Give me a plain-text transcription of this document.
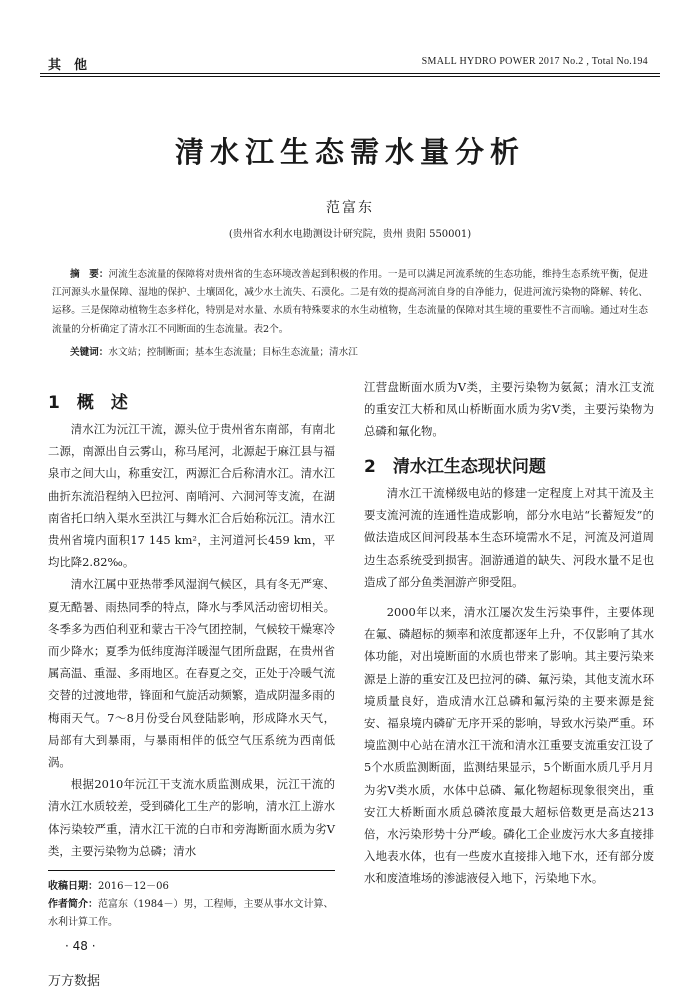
其　他	SMALL HYDRO POWER 2017 No.2 , Total No.194
清水江生态需水量分析
范富东
(贵州省水利水电勘测设计研究院，贵州 贵阳 550001)
摘　要：河流生态流量的保障将对贵州省的生态环境改善起到积极的作用。一是可以满足河流系统的生态功能，维持生态系统平衡，促进江河源头水量保障、湿地的保护、土壤固化，减少水土流失、石漠化。二是有效的提高河流自身的自净能力，促进河流污染物的降解、转化、运移。三是保障动植物生态多样化，特别是对水量、水质有特殊要求的水生动植物，生态流量的保障对其生境的重要性不言而喻。通过对生态流量的分析确定了清水江不同断面的生态流量。表2个。
关键词：水文站；控制断面；基本生态流量；目标生态流量；清水江
1　概　述

清水江为沅江干流，源头位于贵州省东南部，有南北二源，南源出自云雾山，称马尾河，北源起于麻江县与福泉市之间大山，称重安江，两源汇合后称清水江。清水江曲折东流沿程纳入巴拉河、南哨河、六洞河等支流，在湖南省托口纳入渠水至洪江与舞水汇合后始称沅江。清水江贵州省境内面积17 145 km²，主河道河长459 km，平均比降2.82‰。

清水江属中亚热带季风湿润气候区，具有冬无严寒、夏无酷暑、雨热同季的特点，降水与季风活动密切相关。冬季多为西伯利亚和蒙古干冷气团控制，气候较干燥寒冷而少降水；夏季为低纬度海洋暖湿气团所盘踞，在贵州省属高温、重湿、多雨地区。在春夏之交，正处于冷暖气流交替的过渡地带，锋面和气旋活动频繁，造成阴湿多雨的梅雨天气。7～8月份受台风登陆影响，形成降水天气，局部有大到暴雨，与暴雨相伴的低空气压系统为西南低涡。

根据2010年沅江干支流水质监测成果，沅江干流的清水江水质较差，受到磷化工生产的影响，清水江上游水体污染较严重，清水江干流的白市和旁海断面水质为劣Ⅴ类，主要污染物为总磷；清水

收稿日期：2016－12－06
作者简介：范富东（1984－）男，工程师，主要从事水文计算、水利计算工作。
· 48 ·
万方数据

江营盘断面水质为Ⅴ类，主要污染物为氨氮；清水江支流的重安江大桥和凤山桥断面水质为劣Ⅴ类，主要污染物为总磷和氟化物。

2　清水江生态现状问题

清水江干流梯级电站的修建一定程度上对其干流及主要支流河流的连通性造成影响，部分水电站“长蓄短发”的做法造成区间河段基本生态环境需水不足，河流及河道周边生态系统受到损害。洄游通道的缺失、河段水量不足也造成了部分鱼类洄游产卵受阻。

2000年以来，清水江屡次发生污染事件，主要体现在氟、磷超标的频率和浓度都逐年上升，不仅影响了其水体功能，对出境断面的水质也带来了影响。其主要污染来源是上游的重安江及巴拉河的磷、氟污染，其他支流水环境质量良好，造成清水江总磷和氟污染的主要来源是瓮安、福泉境内磷矿无序开采的影响，导致水污染严重。环境监测中心站在清水江干流和清水江重要支流重安江设了5个水质监测断面，监测结果显示，5个断面水质几乎月月为劣Ⅴ类水质，水体中总磷、氟化物超标现象很突出，重安江大桥断面水质总磷浓度最大超标倍数更是高达213倍，水污染形势十分严峻。磷化工企业废污水大多直接排入地表水体，也有一些废水直接排入地下水，还有部分废水和废渣堆场的渗滤液侵入地下，污染地下水。
